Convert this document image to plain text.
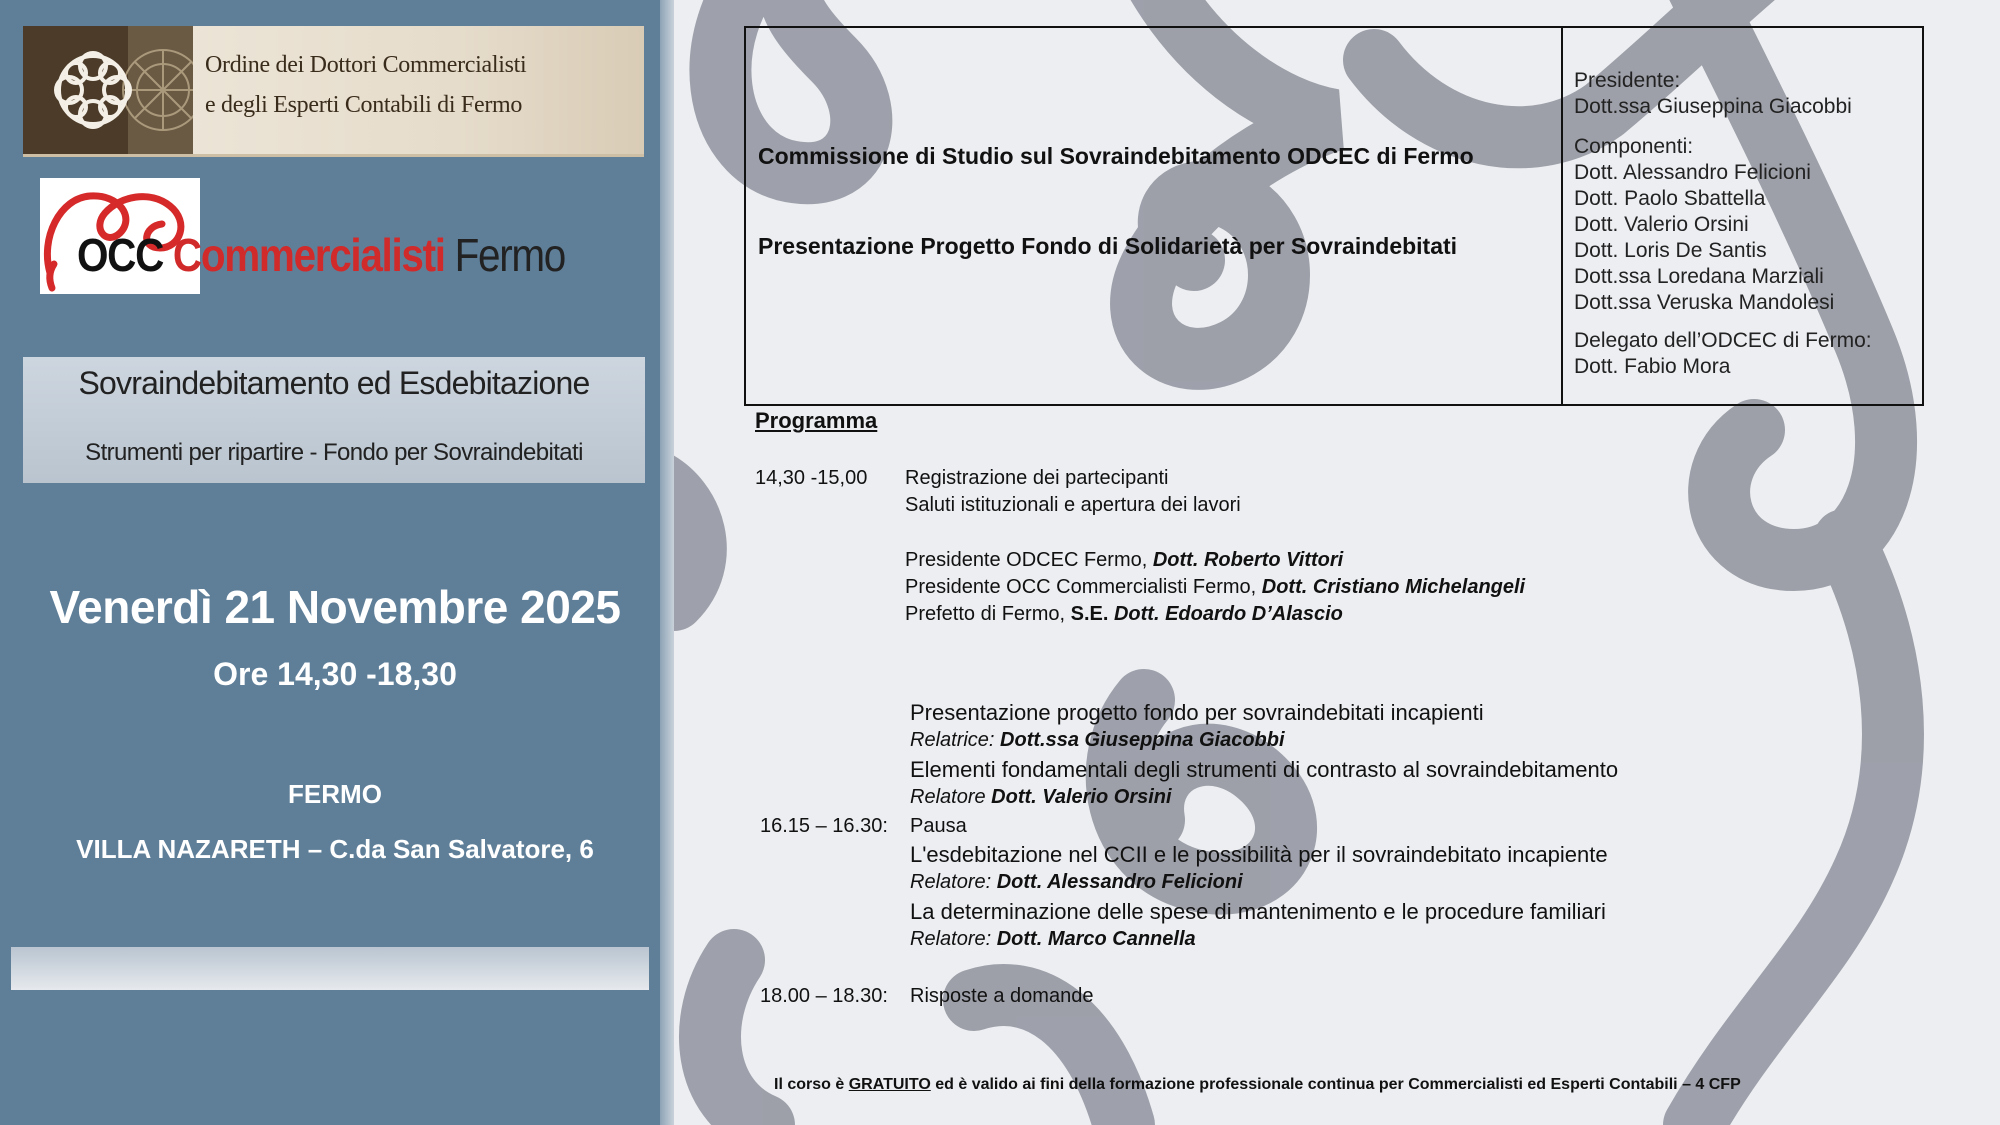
Ordine dei Dottori Commercialisti
e degli Esperti Contabili di Fermo
OCC Commercialisti Fermo
Sovraindebitamento ed Esdebitazione
Strumenti per ripartire - Fondo per Sovraindebitati
Venerdì 21 Novembre 2025
Ore 14,30 -18,30
FERMO
VILLA NAZARETH – C.da San Salvatore, 6
Commissione di Studio sul Sovraindebitamento ODCEC di Fermo
Presentazione Progetto Fondo di Solidarietà per Sovraindebitati
Presidente:
Dott.ssa Giuseppina Giacobbi
Componenti:
Dott. Alessandro Felicioni
Dott. Paolo Sbattella
Dott. Valerio Orsini
Dott. Loris De Santis
Dott.ssa Loredana Marziali
Dott.ssa Veruska Mandolesi
Delegato dell’ODCEC di Fermo:
Dott. Fabio Mora
Programma
14,30 -15,00 Registrazione dei partecipanti
Saluti istituzionali e apertura dei lavori
Presidente ODCEC Fermo, Dott. Roberto Vittori
Presidente OCC Commercialisti Fermo, Dott. Cristiano Michelangeli
Prefetto di Fermo, S.E. Dott. Edoardo D’Alascio
Presentazione progetto fondo per sovraindebitati incapienti
Relatrice: Dott.ssa Giuseppina Giacobbi
Elementi fondamentali degli strumenti di contrasto al sovraindebitamento
Relatore Dott. Valerio Orsini
16.15 – 16.30: Pausa
L'esdebitazione nel CCII e le possibilità per il sovraindebitato incapiente
Relatore: Dott. Alessandro Felicioni
La determinazione delle spese di mantenimento e le procedure familiari
Relatore: Dott. Marco Cannella
18.00 – 18.30: Risposte a domande
Il corso è GRATUITO ed è valido ai fini della formazione professionale continua per Commercialisti ed Esperti Contabili – 4 CFP
